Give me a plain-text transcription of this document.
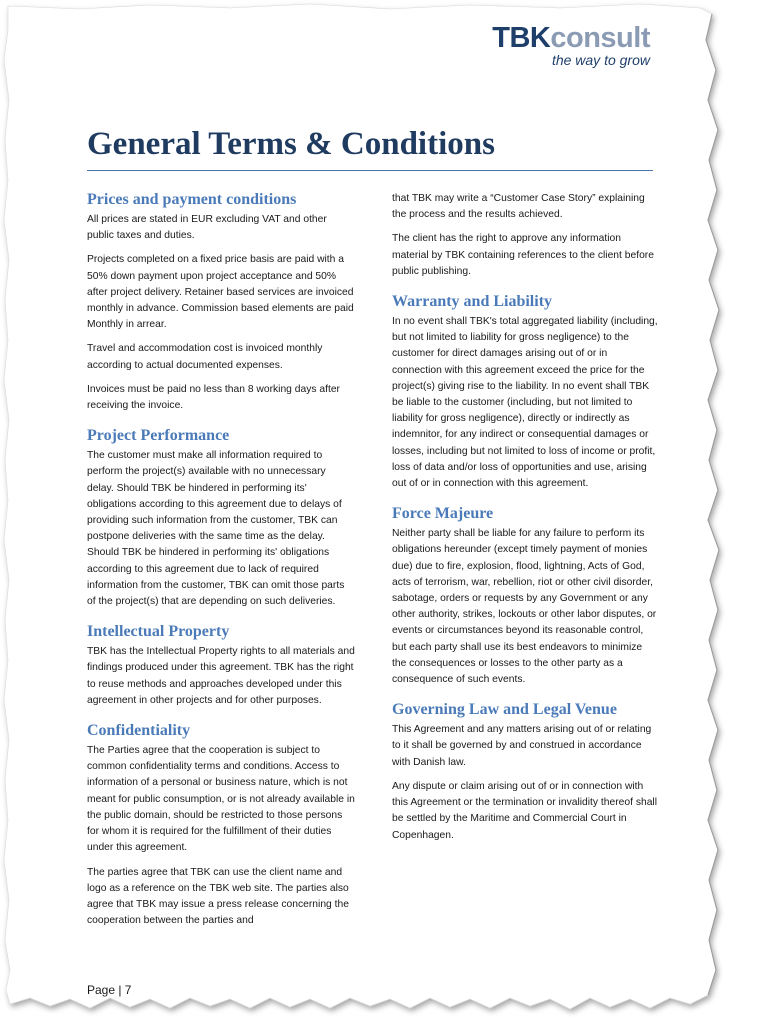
TBKconsult
the way to grow
General Terms & Conditions
Prices and payment conditions

All prices are stated in EUR excluding VAT and other public taxes and duties.

Projects completed on a fixed price basis are paid with a 50% down payment upon project acceptance and 50% after project delivery. Retainer based services are invoiced monthly in advance. Commission based elements are paid Monthly in arrear.

Travel and accommodation cost is invoiced monthly according to actual documented expenses.

Invoices must be paid no less than 8 working days after receiving the invoice.

Project Performance

The customer must make all information required to perform the project(s) available with no unnecessary delay. Should TBK be hindered in performing its' obligations according to this agreement due to delays of providing such information from the customer, TBK can postpone deliveries with the same time as the delay. Should TBK be hindered in performing its' obligations according to this agreement due to lack of required information from the customer, TBK can omit those parts of the project(s) that are depending on such deliveries.

Intellectual Property

TBK has the Intellectual Property rights to all materials and findings produced under this agreement. TBK has the right to reuse methods and approaches developed under this agreement in other projects and for other purposes.

Confidentiality

The Parties agree that the cooperation is subject to common confidentiality terms and conditions. Access to information of a personal or business nature, which is not meant for public consumption, or is not already available in the public domain, should be restricted to those persons for whom it is required for the fulfillment of their duties under this agreement.

The parties agree that TBK can use the client name and logo as a reference on the TBK web site. The parties also agree that TBK may issue a press release concerning the cooperation between the parties and

that TBK may write a “Customer Case Story” explaining the process and the results achieved.

The client has the right to approve any information material by TBK containing references to the client before public publishing.

Warranty and Liability

In no event shall TBK's total aggregated liability (including, but not limited to liability for gross negligence) to the customer for direct damages arising out of or in connection with this agreement exceed the price for the project(s) giving rise to the liability. In no event shall TBK be liable to the customer (including, but not limited to liability for gross negligence), directly or indirectly as indemnitor, for any indirect or consequential damages or losses, including but not limited to loss of income or profit, loss of data and/or loss of opportunities and use, arising out of or in connection with this agreement.

Force Majeure

Neither party shall be liable for any failure to perform its obligations hereunder (except timely payment of monies due) due to fire, explosion, flood, lightning, Acts of God, acts of terrorism, war, rebellion, riot or other civil disorder, sabotage, orders or requests by any Government or any other authority, strikes, lockouts or other labor disputes, or events or circumstances beyond its reasonable control, but each party shall use its best endeavors to minimize the consequences or losses to the other party as a consequence of such events.

Governing Law and Legal Venue

This Agreement and any matters arising out of or relating to it shall be governed by and construed in accordance with Danish law.

Any dispute or claim arising out of or in connection with this Agreement or the termination or invalidity thereof shall be settled by the Maritime and Commercial Court in Copenhagen.

Page | 7
